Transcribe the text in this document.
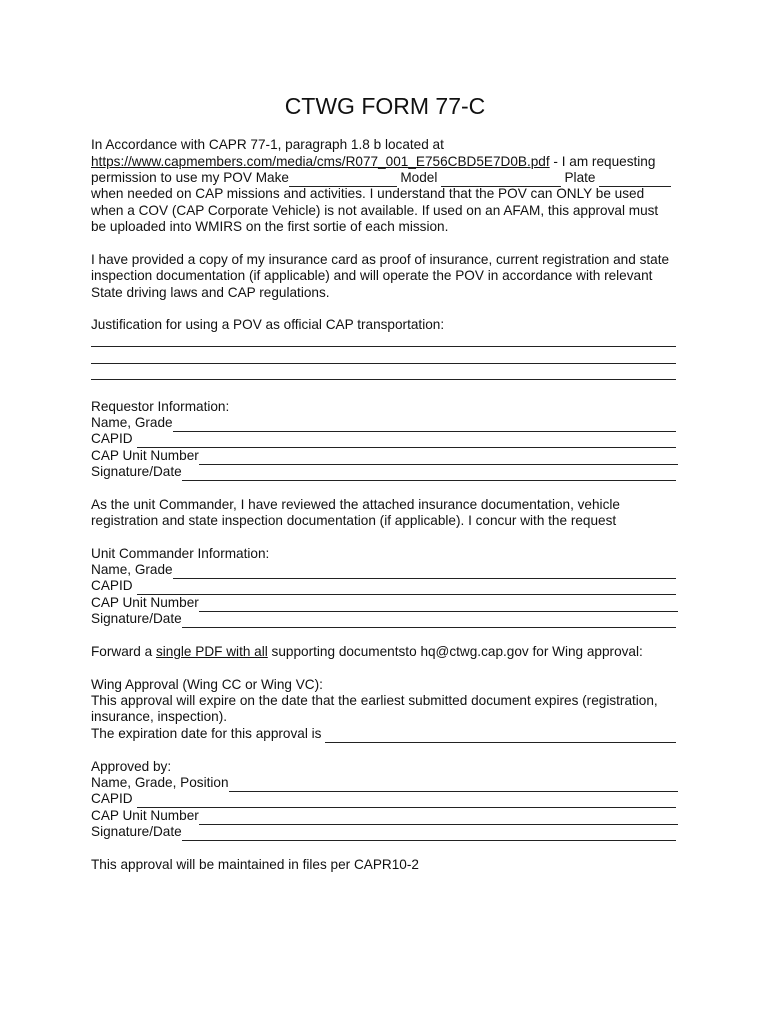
CTWG FORM 77-C
In Accordance with CAPR 77-1, paragraph 1.8 b located at
https://www.capmembers.com/media/cms/R077_001_E756CBD5E7D0B.pdf - I am requesting
permission to use my POV Make	Model	Plate
when needed on CAP missions and activities. I understand that the POV can ONLY be used
when a COV (CAP Corporate Vehicle) is not available. If used on an AFAM, this approval must
be uploaded into WMIRS on the first sortie of each mission.
I have provided a copy of my insurance card as proof of insurance, current registration and state
inspection documentation (if applicable) and will operate the POV in accordance with relevant
State driving laws and CAP regulations.
Justification for using a POV as official CAP transportation:
Requestor Information:
Name, Grade
CAPID
CAP Unit Number
Signature/Date
As the unit Commander, I have reviewed the attached insurance documentation, vehicle
registration and state inspection documentation (if applicable). I concur with the request
Unit Commander Information:
Name, Grade
CAPID
CAP Unit Number
Signature/Date
Forward a single PDF with all supporting documentsto hq@ctwg.cap.gov for Wing approval:
Wing Approval (Wing CC or Wing VC):
This approval will expire on the date that the earliest submitted document expires (registration,
insurance, inspection).
The expiration date for this approval is
Approved by:
Name, Grade, Position
CAPID
CAP Unit Number
Signature/Date
This approval will be maintained in files per CAPR10-2
